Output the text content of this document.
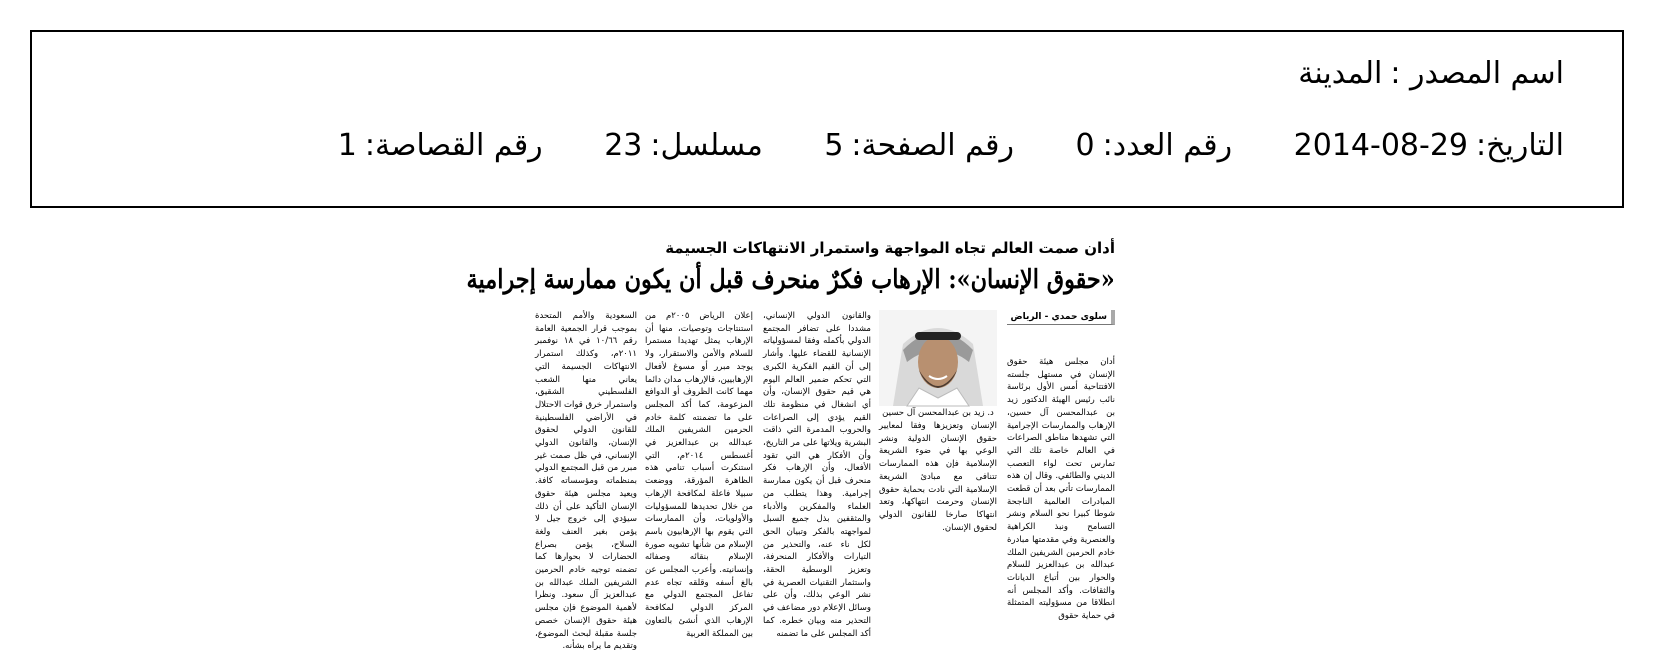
اسم المصدر :المدينة
التاريخ:2014-08-29 رقم العدد:0 رقم الصفحة:5 مسلسل:23 رقم القصاصة:1
أدان صمت العالم تجاه المواجهة واستمرار الانتهاكات الجسيمة
«حقوق الإنسان»: الإرهاب فكرٌ منحرف قبل أن يكون ممارسة إجرامية
سلوى حمدي - الرياض
د. زيد بن عبدالمحسن آل حسين
أدان مجلس هيئة حقوق الإنسان في مستهل جلسته الافتتاحية أمس الأول برئاسة نائب رئيس الهيئة الدكتور زيد بن عبدالمحسن آل حسين، الإرهاب والممارسات الإجرامية التي تشهدها مناطق الصراعات في العالم خاصة تلك التي تمارس تحت لواء التعصب الديني والطائفي. وقال إن هذه الممارسات تأتي بعد أن قطعت المبادرات العالمية الناجحة شوطا كبيرا نحو السلام ونشر التسامح ونبذ الكراهية والعنصرية وفي مقدمتها مبادرة خادم الحرمين الشريفين الملك عبدالله بن عبدالعزيز للسلام والحوار بين أتباع الديانات والثقافات. وأكد المجلس أنه انطلاقا من مسؤوليته المتمثلة في حماية حقوق
الإنسان وتعزيزها وفقا لمعايير حقوق الإنسان الدولية ونشر الوعي بها في ضوء الشريعة الإسلامية فإن هذه الممارسات تتنافى مع مبادئ الشريعة الإسلامية التي نادت بحماية حقوق الإنسان وحرمت انتهاكها، وتعد انتهاكا صارخا للقانون الدولي لحقوق الإنسان.
والقانون الدولي الإنساني، مشددا على تضافر المجتمع الدولي بأكمله وفقا لمسؤولياته الإنسانية للقضاء عليها. وأشار إلى أن القيم الفكرية الكبرى التي تحكم ضمير العالم اليوم هي قيم حقوق الإنسان، وأن أي انشغال في منظومة تلك القيم يؤدي إلى الصراعات والحروب المدمرة التي ذاقت البشرية ويلاتها على مر التاريخ، وأن الأفكار هي التي تقود الأفعال، وأن الإرهاب فكر منحرف قبل أن يكون ممارسة إجرامية. وهذا يتطلب من العلماء والمفكرين والأدباء والمثقفين بذل جميع السبل لمواجهته بالفكر وتبيان الحق لكل ناء عنه، والتحذير من التيارات والأفكار المنحرفة، وتعزيز الوسطية الحقة، واستثمار التقنيات العصرية في نشر الوعي بذلك، وأن على وسائل الإعلام دور مضاعف في التحذير منه وبيان خطره. كما أكد المجلس على ما تضمنه
إعلان الرياض ٢٠٠٥م من استنتاجات وتوصيات، منها أن الإرهاب يمثل تهديدا مستمرا للسلام والأمن والاستقرار، ولا يوجد مبرر أو مسوغ لأفعال الإرهابيين، فالإرهاب مدان دائما مهما كانت الظروف أو الدوافع المزعومة، كما أكد المجلس على ما تضمنته كلمة خادم الحرمين الشريفين الملك عبدالله بن عبدالعزيز في أغسطس ٢٠١٤م، التي استنكرت أسباب تنامي هذه الظاهرة المؤرقة، ووضعت سبيلا فاعلة لمكافحة الإرهاب من خلال تحديدها للمسؤوليات والأولويات، وأن الممارسات التي يقوم بها الإرهابيون باسم الإسلام من شأنها تشويه صورة الإسلام بنقائه وصفائه وإنسانيته. وأعرب المجلس عن بالغ أسفه وقلقه تجاه عدم تفاعل المجتمع الدولي مع المركز الدولي لمكافحة الإرهاب الذي أنشئ بالتعاون بين المملكة العربية
السعودية والأمم المتحدة بموجب قرار الجمعية العامة رقم ١٠/٦٦ في ١٨ نوفمبر ٢٠١١م، وكذلك استمرار الانتهاكات الجسيمة التي يعاني منها الشعب الفلسطيني الشقيق، واستمرار خرق قوات الاحتلال في الأراضي الفلسطينية للقانون الدولي لحقوق الإنسان، والقانون الدولي الإنساني، في ظل صمت غير مبرر من قبل المجتمع الدولي بمنظماته ومؤسساته كافة. ويعيد مجلس هيئة حقوق الإنسان التأكيد على أن ذلك سيؤدي إلى خروج جيل لا يؤمن بغير العنف ولغة السلاح، يؤمن بصراع الحضارات لا بحوارها كما تضمنه توجيه خادم الحرمين الشريفين الملك عبدالله بن عبدالعزيز آل سعود. ونظرا لأهمية الموضوع فإن مجلس هيئة حقوق الإنسان خصص جلسة مقبلة لبحث الموضوع، وتقديم ما يراه بشأنه.
